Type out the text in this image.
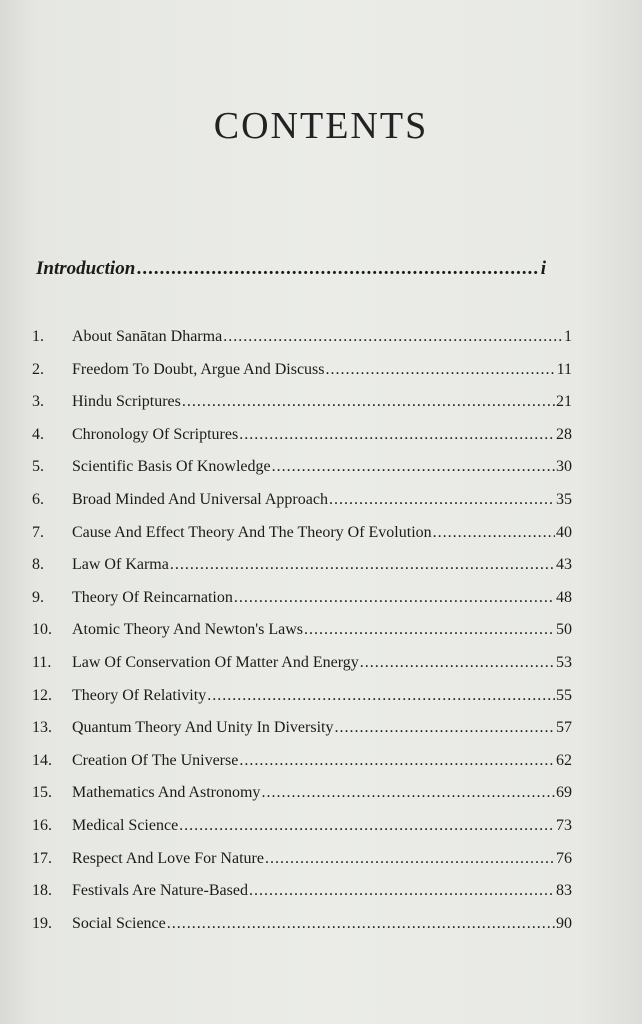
CONTENTS
Introduction .....	i
1.	About Sanātan Dharma .....	1
2.	Freedom To Doubt, Argue And Discuss .....	11
3.	Hindu Scriptures .....	21
4.	Chronology Of Scriptures .....	28
5.	Scientific Basis Of Knowledge .....	30
6.	Broad Minded And Universal Approach .....	35
7.	Cause And Effect Theory And The Theory Of Evolution .....	40
8.	Law Of Karma .....	43
9.	Theory Of Reincarnation .....	48
10.	Atomic Theory And Newton's Laws .....	50
11.	Law Of Conservation Of Matter And Energy .....	53
12.	Theory Of Relativity .....	55
13.	Quantum Theory And Unity In Diversity .....	57
14.	Creation Of The Universe .....	62
15.	Mathematics And Astronomy .....	69
16.	Medical Science .....	73
17.	Respect And Love For Nature .....	76
18.	Festivals Are Nature-Based .....	83
19.	Social Science .....	90
